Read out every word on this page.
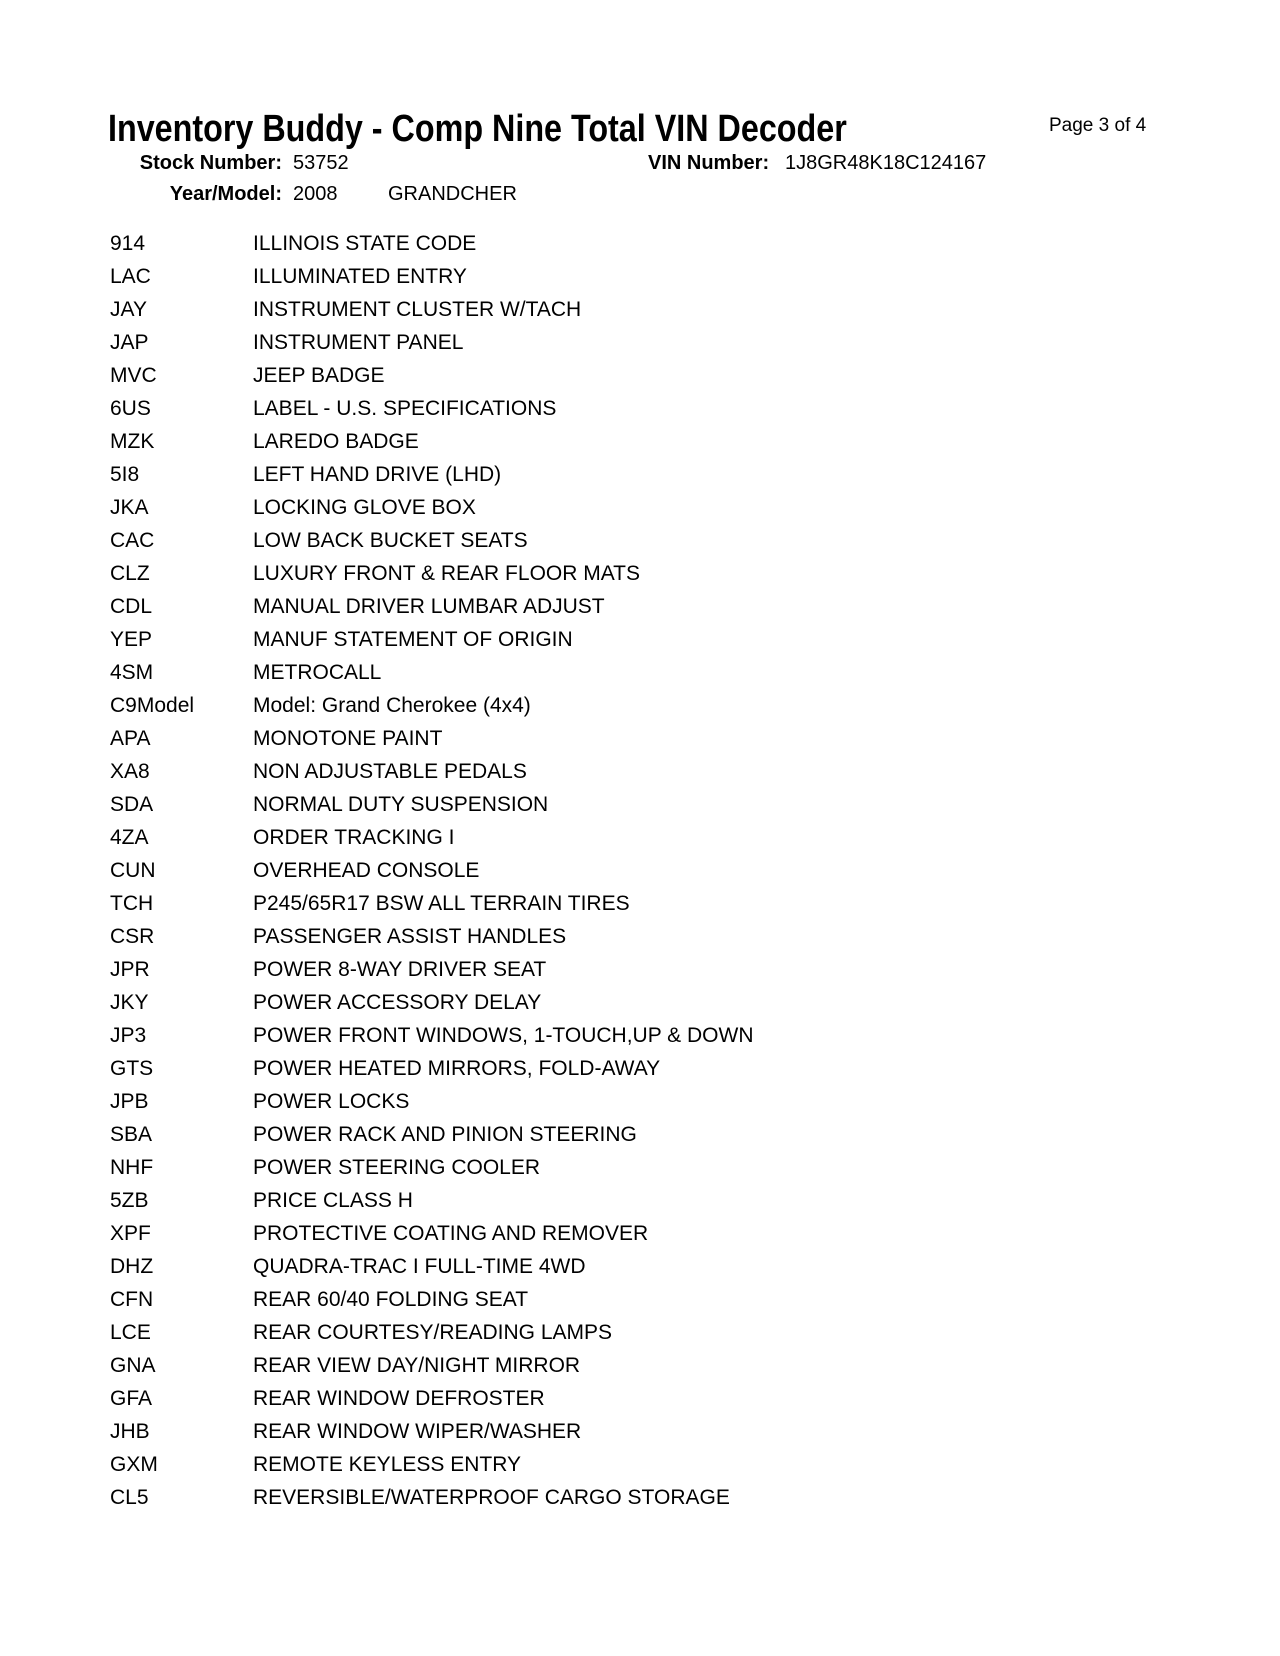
Inventory Buddy - Comp Nine Total VIN Decoder	Page 3 of 4
Stock Number: 53752	VIN Number: 1J8GR48K18C124167
Year/Model: 2008	GRANDCHER
914	ILLINOIS STATE CODE
LAC	ILLUMINATED ENTRY
JAY	INSTRUMENT CLUSTER W/TACH
JAP	INSTRUMENT PANEL
MVC	JEEP BADGE
6US	LABEL - U.S. SPECIFICATIONS
MZK	LAREDO BADGE
5I8	LEFT HAND DRIVE (LHD)
JKA	LOCKING GLOVE BOX
CAC	LOW BACK BUCKET SEATS
CLZ	LUXURY FRONT & REAR FLOOR MATS
CDL	MANUAL DRIVER LUMBAR ADJUST
YEP	MANUF STATEMENT OF ORIGIN
4SM	METROCALL
C9Model	Model: Grand Cherokee (4x4)
APA	MONOTONE PAINT
XA8	NON ADJUSTABLE PEDALS
SDA	NORMAL DUTY SUSPENSION
4ZA	ORDER TRACKING I
CUN	OVERHEAD CONSOLE
TCH	P245/65R17 BSW ALL TERRAIN TIRES
CSR	PASSENGER ASSIST HANDLES
JPR	POWER 8-WAY DRIVER SEAT
JKY	POWER ACCESSORY DELAY
JP3	POWER FRONT WINDOWS, 1-TOUCH,UP & DOWN
GTS	POWER HEATED MIRRORS, FOLD-AWAY
JPB	POWER LOCKS
SBA	POWER RACK AND PINION STEERING
NHF	POWER STEERING COOLER
5ZB	PRICE CLASS H
XPF	PROTECTIVE COATING AND REMOVER
DHZ	QUADRA-TRAC I FULL-TIME 4WD
CFN	REAR 60/40 FOLDING SEAT
LCE	REAR COURTESY/READING LAMPS
GNA	REAR VIEW DAY/NIGHT MIRROR
GFA	REAR WINDOW DEFROSTER
JHB	REAR WINDOW WIPER/WASHER
GXM	REMOTE KEYLESS ENTRY
CL5	REVERSIBLE/WATERPROOF CARGO STORAGE
